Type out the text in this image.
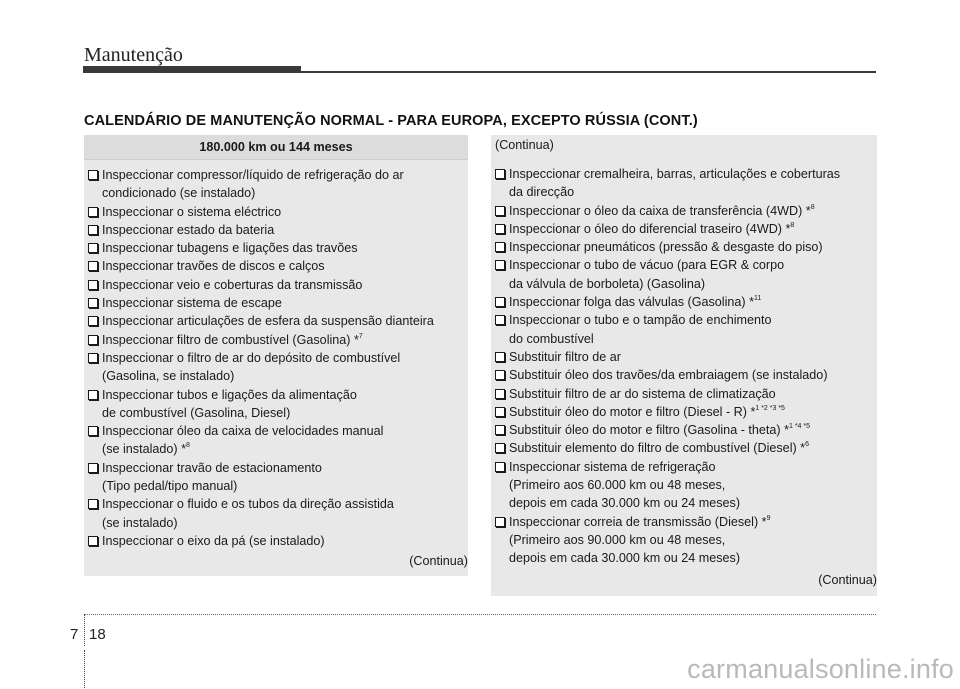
Manutenção
CALENDÁRIO DE MANUTENÇÃO NORMAL - PARA EUROPA, EXCEPTO RÚSSIA (CONT.)
180.000 km ou 144 meses
Inspeccionar compressor/líquido de refrigeração do ar
condicionado (se instalado)
Inspeccionar o sistema eléctrico
Inspeccionar estado da bateria
Inspeccionar tubagens e ligações das travões
Inspeccionar travões de discos e calços
Inspeccionar veio e coberturas da transmissão
Inspeccionar sistema de escape
Inspeccionar articulações de esfera da suspensão dianteira
Inspeccionar filtro de combustível (Gasolina) *$^7$
Inspeccionar o filtro de ar do depósito de combustível
(Gasolina, se instalado)
Inspeccionar tubos e ligações da alimentação
de combustível (Gasolina, Diesel)
Inspeccionar óleo da caixa de velocidades manual
(se instalado) *$^8$
Inspeccionar travão de estacionamento
(Tipo pedal/tipo manual)
Inspeccionar o fluido e os tubos da direção assistida
(se instalado)
Inspeccionar o eixo da pá (se instalado)
(Continua)
(Continua)
Inspeccionar cremalheira, barras, articulações e coberturas
da direcção
Inspeccionar o óleo da caixa de transferência (4WD) *$^8$
Inspeccionar o óleo do diferencial traseiro (4WD) *$^8$
Inspeccionar pneumáticos (pressão & desgaste do piso)
Inspeccionar o tubo de vácuo (para EGR & corpo
da válvula de borboleta) (Gasolina)
Inspeccionar folga das válvulas (Gasolina) *$^{11}$
Inspeccionar o tubo e o tampão de enchimento
do combustível
Substituir filtro de ar
Substituir óleo dos travões/da embraiagem (se instalado)
Substituir filtro de ar do sistema de climatização
Substituir óleo do motor e filtro (Diesel - R) *$^{1 *2 *3 *5}$
Substituir óleo do motor e filtro (Gasolina - theta) *$^{1 *4 *5}$
Substituir elemento do filtro de combustível (Diesel) *$^6$
Inspeccionar sistema de refrigeração
(Primeiro aos 60.000 km ou 48 meses,
depois em cada 30.000 km ou 24 meses)
Inspeccionar correia de transmissão (Diesel) *$^9$
(Primeiro aos 90.000 km ou 48 meses,
depois em cada 30.000 km ou 24 meses)
(Continua)
7 18
carmanualsonline.info
